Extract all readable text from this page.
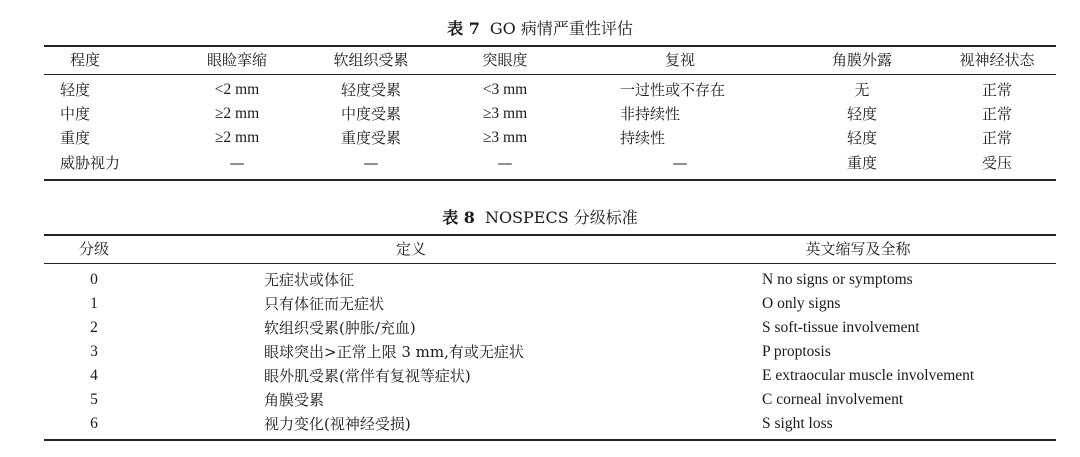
表 7 GO 病情严重性评估
程度	眼睑挛缩	软组织受累	突眼度	复视	角膜外露	视神经状态
轻度	<2 mm	轻度受累	<3 mm	一过性或不存在	无	正常
中度	≥2 mm	中度受累	≥3 mm	非持续性	轻度	正常
重度	≥2 mm	重度受累	≥3 mm	持续性	轻度	正常
威胁视力	—	—	—	—	重度	受压
表 8 NOSPECS 分级标准
分级	定义	英文缩写及全称
0	无症状或体征	N no signs or symptoms
1	只有体征而无症状	O only signs
2	软组织受累(肿胀/充血)	S soft-tissue involvement
3	眼球突出>正常上限 3 mm,有或无症状	P proptosis
4	眼外肌受累(常伴有复视等症状)	E extraocular muscle involvement
5	角膜受累	C corneal involvement
6	视力变化(视神经受损)	S sight loss
